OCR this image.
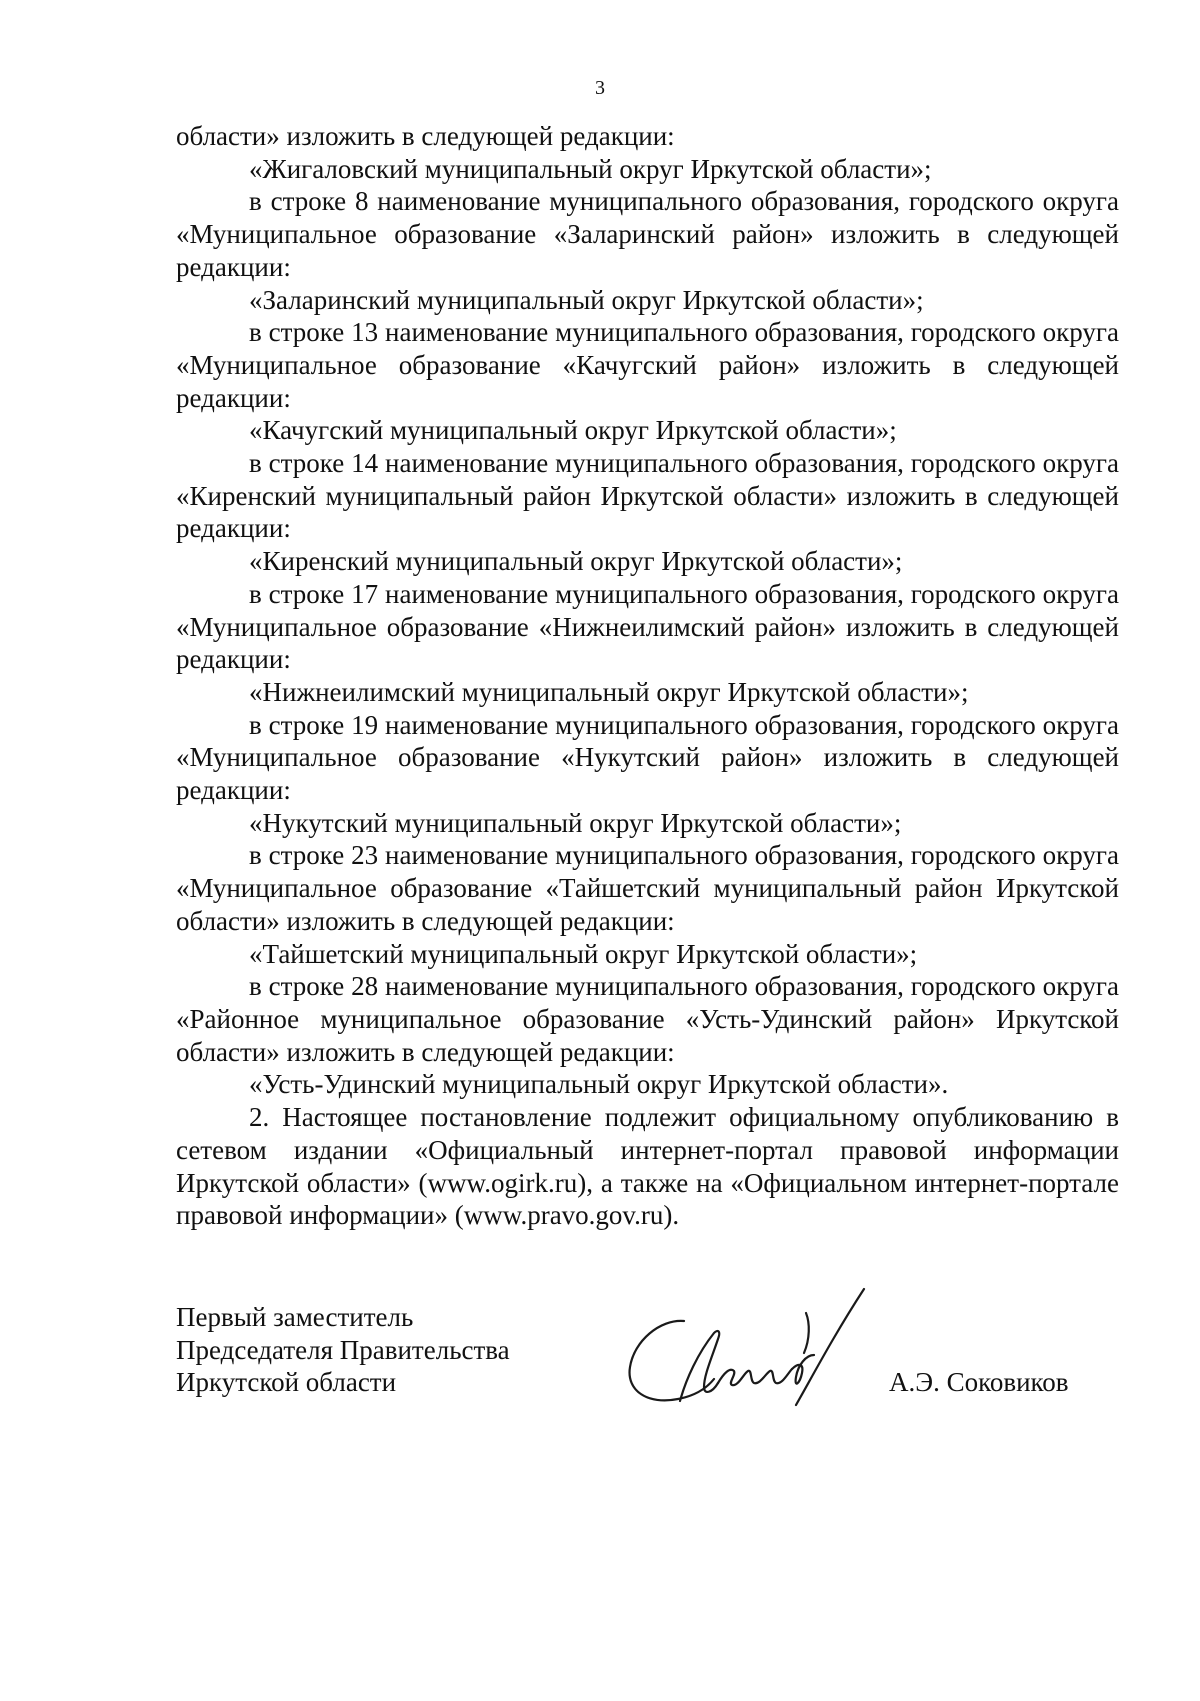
3

области» изложить в следующей редакции:

«Жигаловский муниципальный округ Иркутской области»;

в строке 8 наименование муниципального образования, городского округа «Муниципальное образование «Заларинский район» изложить в следующей редакции:

«Заларинский муниципальный округ Иркутской области»;

в строке 13 наименование муниципального образования, городского округа «Муниципальное образование «Качугский район» изложить в следующей редакции:

«Качугский муниципальный округ Иркутской области»;

в строке 14 наименование муниципального образования, городского округа «Киренский муниципальный район Иркутской области» изложить в следующей редакции:

«Киренский муниципальный округ Иркутской области»;

в строке 17 наименование муниципального образования, городского округа «Муниципальное образование «Нижнеилимский район» изложить в следующей редакции:

«Нижнеилимский муниципальный округ Иркутской области»;

в строке 19 наименование муниципального образования, городского округа «Муниципальное образование «Нукутский район» изложить в следующей редакции:

«Нукутский муниципальный округ Иркутской области»;

в строке 23 наименование муниципального образования, городского округа «Муниципальное образование «Тайшетский муниципальный район Иркутской области» изложить в следующей редакции:

«Тайшетский муниципальный округ Иркутской области»;

в строке 28 наименование муниципального образования, городского округа «Районное муниципальное образование «Усть-Удинский район» Иркутской области» изложить в следующей редакции:

«Усть-Удинский муниципальный округ Иркутской области».

2. Настоящее постановление подлежит официальному опубликованию в сетевом издании «Официальный интернет-портал правовой информации Иркутской области» (www.ogirk.ru), а также на «Официальном интернет-портале правовой информации» (www.pravo.gov.ru).

Первый заместитель
Председателя Правительства
Иркутской области	А.Э. Соковиков
